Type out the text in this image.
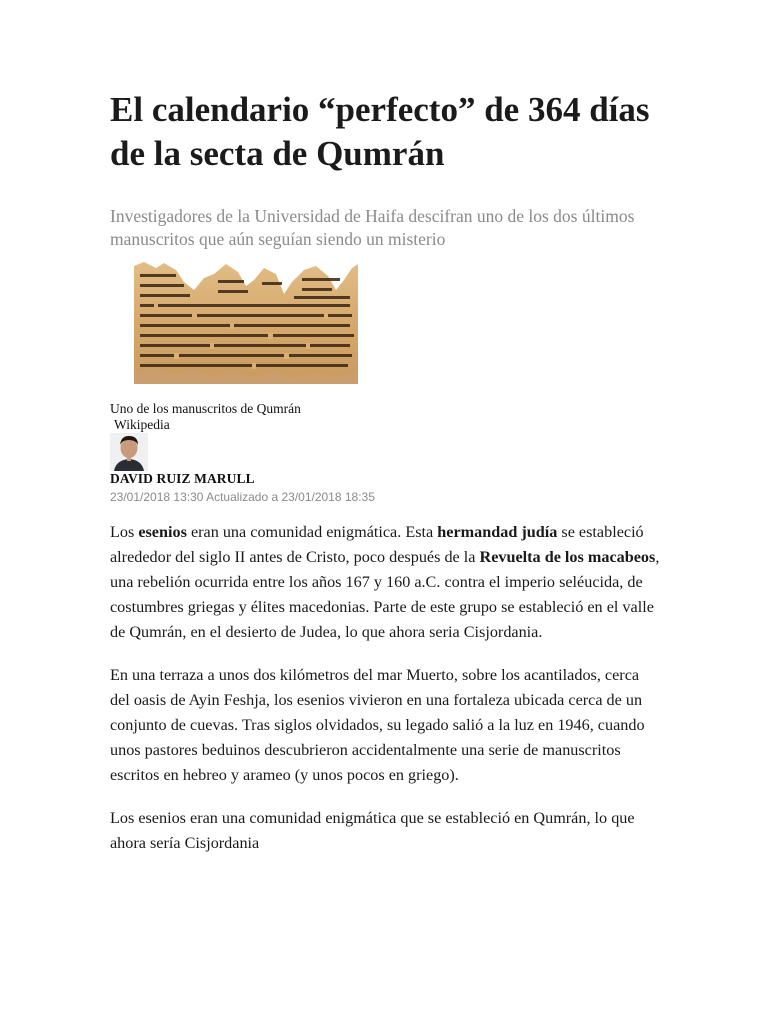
El calendario “perfecto” de 364 días de la secta de Qumrán

Investigadores de la Universidad de Haifa descifran uno de los dos últimos manuscritos que aún seguían siendo un misterio

Uno de los manuscritos de Qumrán
Wikipedia
DAVID RUIZ MARULL
23/01/2018 13:30 Actualizado a 23/01/2018 18:35

Los esenios eran una comunidad enigmática. Esta hermandad judía se estableció alrededor del siglo II antes de Cristo, poco después de la Revuelta de los macabeos, una rebelión ocurrida entre los años 167 y 160 a.C. contra el imperio seléucida, de costumbres griegas y élites macedonias. Parte de este grupo se estableció en el valle de Qumrán, en el desierto de Judea, lo que ahora seria Cisjordania.

En una terraza a unos dos kilómetros del mar Muerto, sobre los acantilados, cerca del oasis de Ayin Feshja, los esenios vivieron en una fortaleza ubicada cerca de un conjunto de cuevas. Tras siglos olvidados, su legado salió a la luz en 1946, cuando unos pastores beduinos descubrieron accidentalmente una serie de manuscritos escritos en hebreo y arameo (y unos pocos en griego).

Los esenios eran una comunidad enigmática que se estableció en Qumrán, lo que ahora sería Cisjordania
